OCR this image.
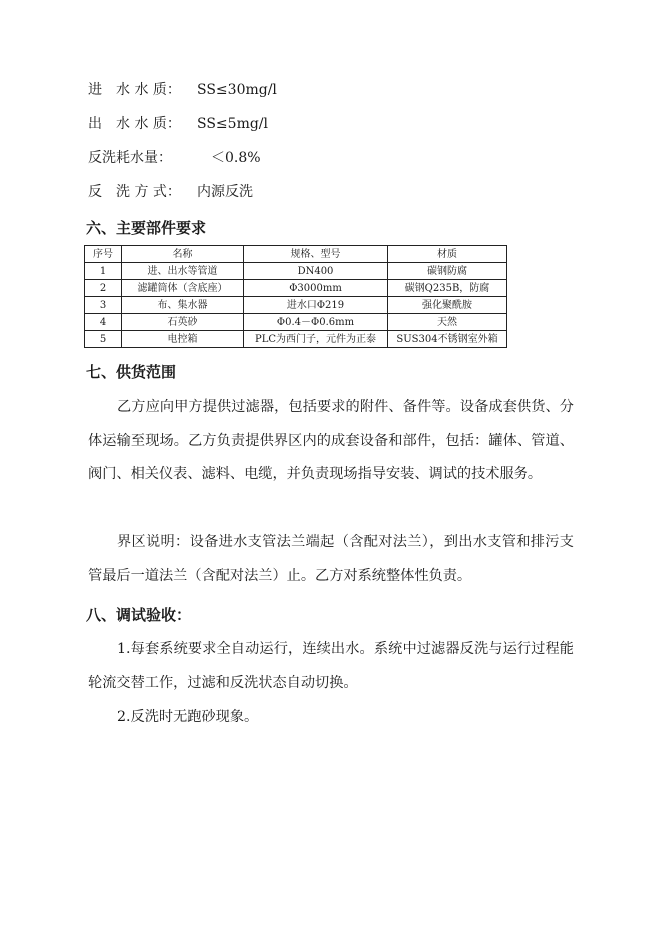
进　水 水 质： SS≤30mg/l
出　水 水 质： SS≤5mg/l
反洗耗水量：　＜0.8%
反　洗 方 式： 内源反洗
六、主要部件要求
序号	名称	规格、型号	材质
1	进、出水等管道	DN400	碳钢防腐
2	滤罐筒体（含底座）	Φ3000mm	碳钢Q235B，防腐
3	布、集水器	进水口Φ219	强化聚酰胺
4	石英砂	Φ0.4－Φ0.6mm	天然
5	电控箱	PLC为西门子，元件为正泰	SUS304不锈钢室外箱
七、供货范围

乙方应向甲方提供过滤器，包括要求的附件、备件等。设备成套供货、分体运输至现场。乙方负责提供界区内的成套设备和部件，包括：罐体、管道、阀门、相关仪表、滤料、电缆，并负责现场指导安装、调试的技术服务。

界区说明：设备进水支管法兰端起（含配对法兰），到出水支管和排污支管最后一道法兰（含配对法兰）止。乙方对系统整体性负责。

八、调试验收：

1.每套系统要求全自动运行，连续出水。系统中过滤器反洗与运行过程能轮流交替工作，过滤和反洗状态自动切换。

2.反洗时无跑砂现象。
